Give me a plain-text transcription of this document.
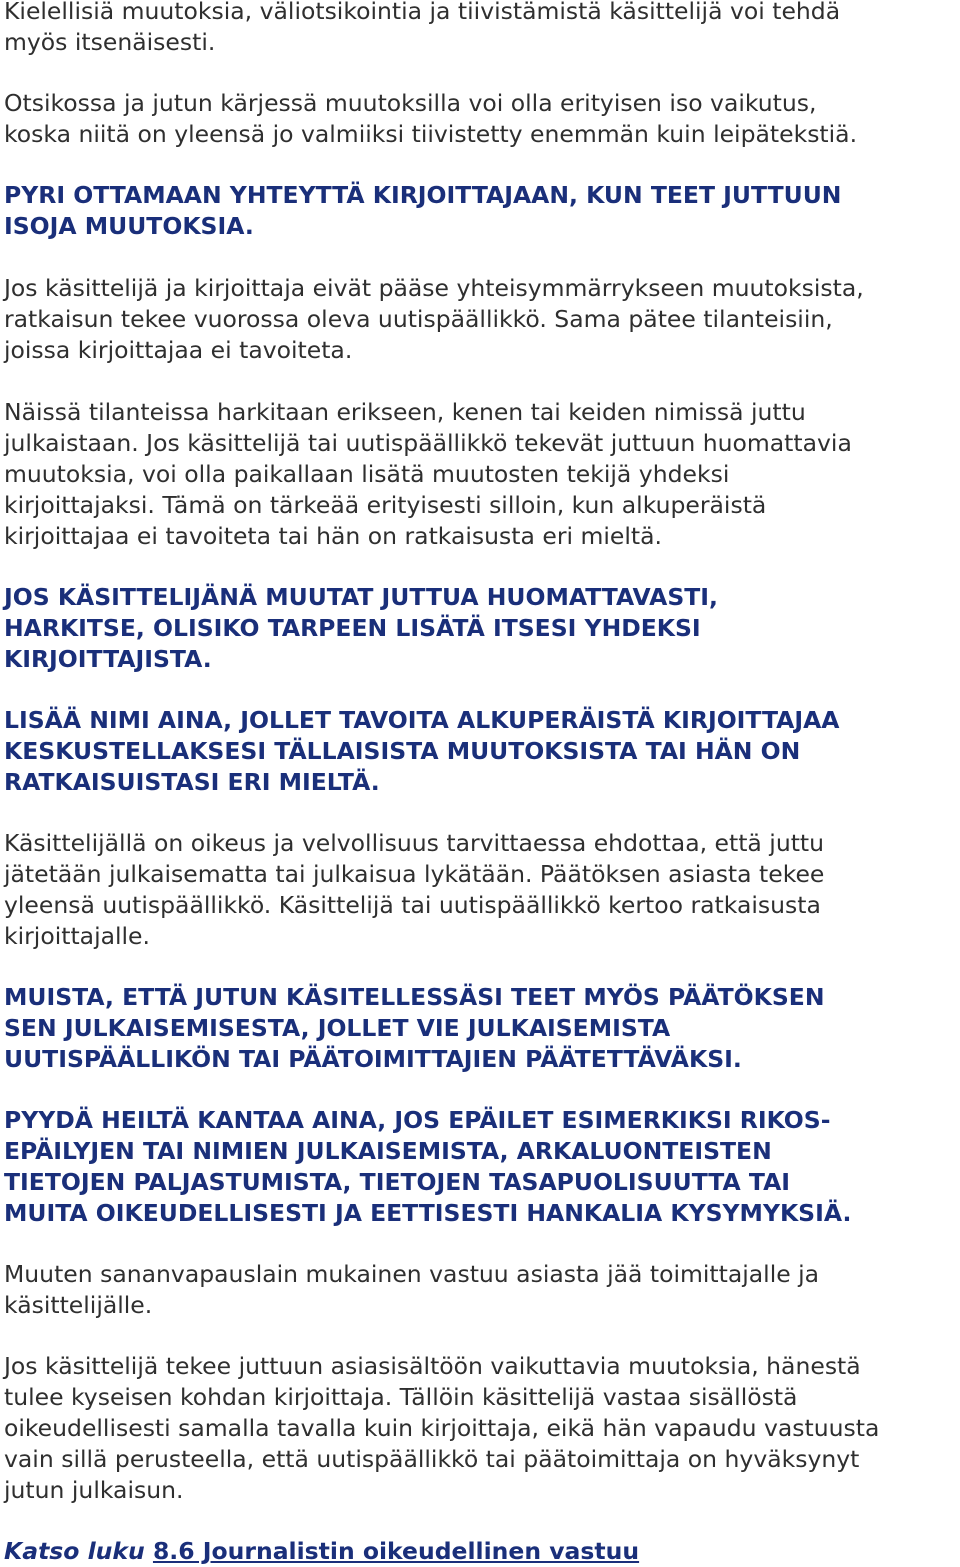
Kielellisiä muutoksia, väliotsikointia ja tiivistämistä käsittelijä voi tehdä
myös itsenäisesti.

Otsikossa ja jutun kärjessä muutoksilla voi olla erityisen iso vaikutus,
koska niitä on yleensä jo valmiiksi tiivistetty enemmän kuin leipätekstiä.

PYRI OTTAMAAN YHTEYTTÄ KIRJOITTAJAAN, KUN TEET JUTTUUN
ISOJA MUUTOKSIA.

Jos käsittelijä ja kirjoittaja eivät pääse yhteisymmärrykseen muutoksista,
ratkaisun tekee vuorossa oleva uutispäällikkö. Sama pätee tilanteisiin,
joissa kirjoittajaa ei tavoiteta.

Näissä tilanteissa harkitaan erikseen, kenen tai keiden nimissä juttu
julkaistaan. Jos käsittelijä tai uutispäällikkö tekevät juttuun huomattavia
muutoksia, voi olla paikallaan lisätä muutosten tekijä yhdeksi
kirjoittajaksi. Tämä on tärkeää erityisesti silloin, kun alkuperäistä
kirjoittajaa ei tavoiteta tai hän on ratkaisusta eri mieltä.

JOS KÄSITTELIJÄNÄ MUUTAT JUTTUA HUOMATTAVASTI,
HARKITSE, OLISIKO TARPEEN LISÄTÄ ITSESI YHDEKSI
KIRJOITTAJISTA.

LISÄÄ NIMI AINA, JOLLET TAVOITA ALKUPERÄISTÄ KIRJOITTAJAA
KESKUSTELLAKSESI TÄLLAISISTA MUUTOKSISTA TAI HÄN ON
RATKAISUISTASI ERI MIELTÄ.

Käsittelijällä on oikeus ja velvollisuus tarvittaessa ehdottaa, että juttu
jätetään julkaisematta tai julkaisua lykätään. Päätöksen asiasta tekee
yleensä uutispäällikkö. Käsittelijä tai uutispäällikkö kertoo ratkaisusta
kirjoittajalle.

MUISTA, ETTÄ JUTUN KÄSITELLESSÄSI TEET MYÖS PÄÄTÖKSEN
SEN JULKAISEMISESTA, JOLLET VIE JULKAISEMISTA
UUTISPÄÄLLIKÖN TAI PÄÄTOIMITTAJIEN PÄÄTETTÄVÄKSI.

PYYDÄ HEILTÄ KANTAA AINA, JOS EPÄILET ESIMERKIKSI RIKOS-
EPÄILYJEN TAI NIMIEN JULKAISEMISTA, ARKALUONTEISTEN
TIETOJEN PALJASTUMISTA, TIETOJEN TASAPUOLISUUTTA TAI
MUITA OIKEUDELLISESTI JA EETTISESTI HANKALIA KYSYMYKSIÄ.

Muuten sananvapauslain mukainen vastuu asiasta jää toimittajalle ja
käsittelijälle.

Jos käsittelijä tekee juttuun asiasisältöön vaikuttavia muutoksia, hänestä
tulee kyseisen kohdan kirjoittaja. Tällöin käsittelijä vastaa sisällöstä
oikeudellisesti samalla tavalla kuin kirjoittaja, eikä hän vapaudu vastuusta
vain sillä perusteella, että uutispäällikkö tai päätoimittaja on hyväksynyt
jutun julkaisun.

Katso luku 8.6 Journalistin oikeudellinen vastuu
